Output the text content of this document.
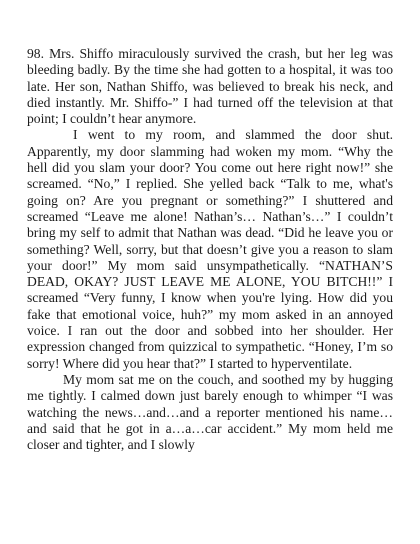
98. Mrs. Shiffo miraculously survived the crash, but her leg was bleeding badly. By the time she had gotten to a hospital, it was too late. Her son, Nathan Shiffo, was believed to break his neck, and died instantly. Mr. Shiffo-” I had turned off the television at that point; I couldn’t hear anymore.

I went to my room, and slammed the door shut. Apparently, my door slamming had woken my mom. “Why the hell did you slam your door? You come out here right now!” she screamed. “No,” I replied. She yelled back “Talk to me, what's going on? Are you pregnant or something?” I shuttered and screamed “Leave me alone! Nathan’s… Nathan’s…” I couldn’t bring my self to admit that Nathan was dead. “Did he leave you or something? Well, sorry, but that doesn’t give you a reason to slam your door!” My mom said unsympathetically. “NATHAN’S DEAD, OKAY? JUST LEAVE ME ALONE, YOU BITCH!!” I screamed “Very funny, I know when you're lying. How did you fake that emotional voice, huh?” my mom asked in an annoyed voice. I ran out the door and sobbed into her shoulder. Her expression changed from quizzical to sympathetic. “Honey, I’m so sorry! Where did you hear that?” I started to hyperventilate.

My mom sat me on the couch, and soothed my by hugging me tightly. I calmed down just barely enough to whimper “I was watching the news…and…and a reporter mentioned his name…and said that he got in a…a…car accident.” My mom held me closer and tighter, and I slowly
